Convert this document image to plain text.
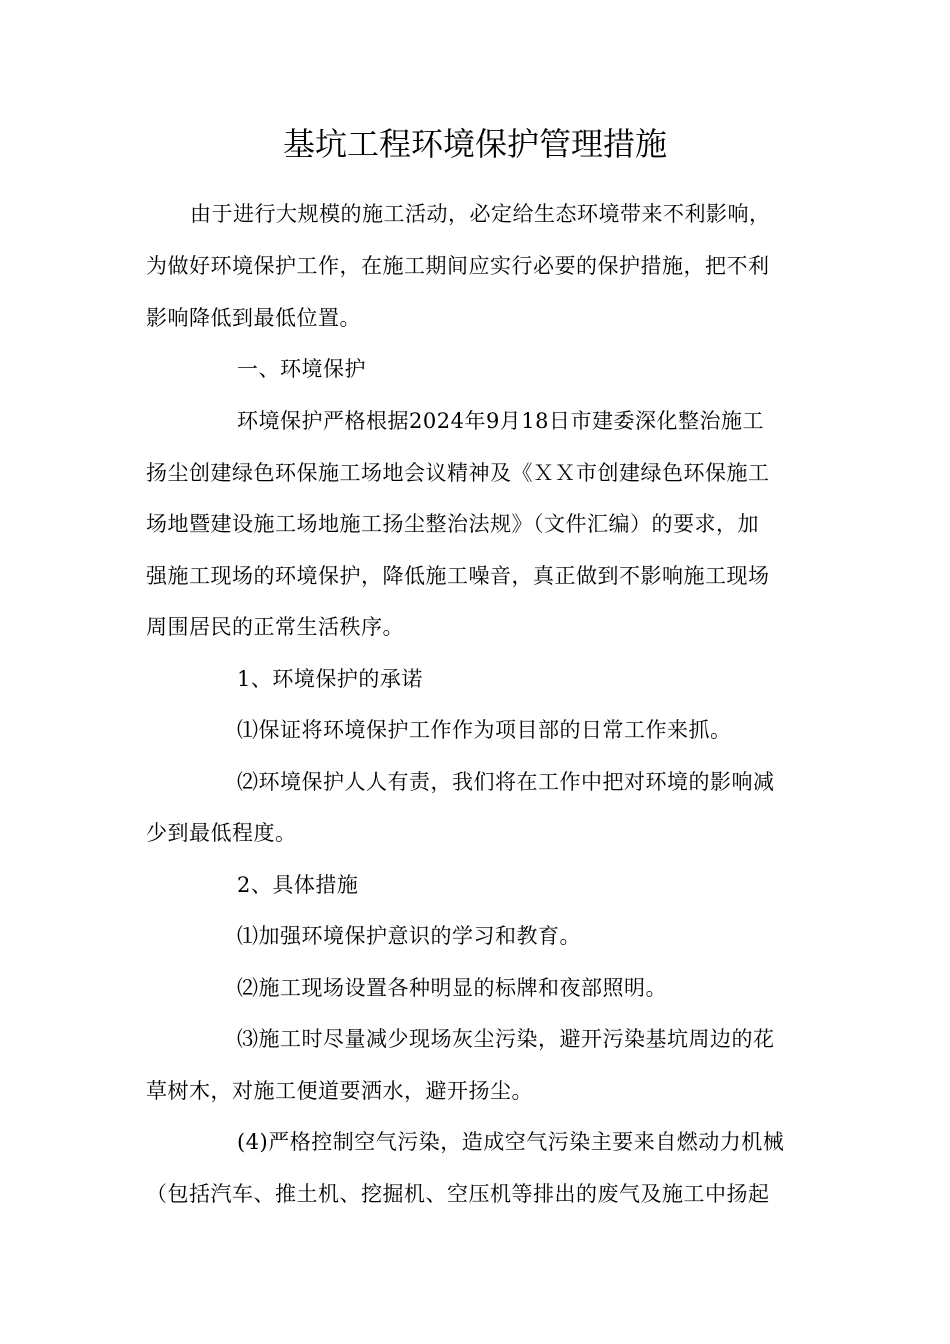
基坑工程环境保护管理措施
由于进行大规模的施工活动，必定给生态环境带来不利影响，
为做好环境保护工作，在施工期间应实行必要的保护措施，把不利
影响降低到最低位置。
一、环境保护
环境保护严格根据2024年9月18日市建委深化整治施工
扬尘创建绿色环保施工场地会议精神及《ＸＸ市创建绿色环保施工
场地暨建设施工场地施工扬尘整治法规》（文件汇编）的要求，加
强施工现场的环境保护，降低施工噪音，真正做到不影响施工现场
周围居民的正常生活秩序。
1、环境保护的承诺
⑴保证将环境保护工作作为项目部的日常工作来抓。
⑵环境保护人人有责，我们将在工作中把对环境的影响减
少到最低程度。
2、具体措施
⑴加强环境保护意识的学习和教育。
⑵施工现场设置各种明显的标牌和夜部照明。
⑶施工时尽量减少现场灰尘污染，避开污染基坑周边的花
草树木，对施工便道要洒水，避开扬尘。
(4)严格控制空气污染，造成空气污染主要来自燃动力机械
（包括汽车、推土机、挖掘机、空压机等排出的废气及施工中扬起
